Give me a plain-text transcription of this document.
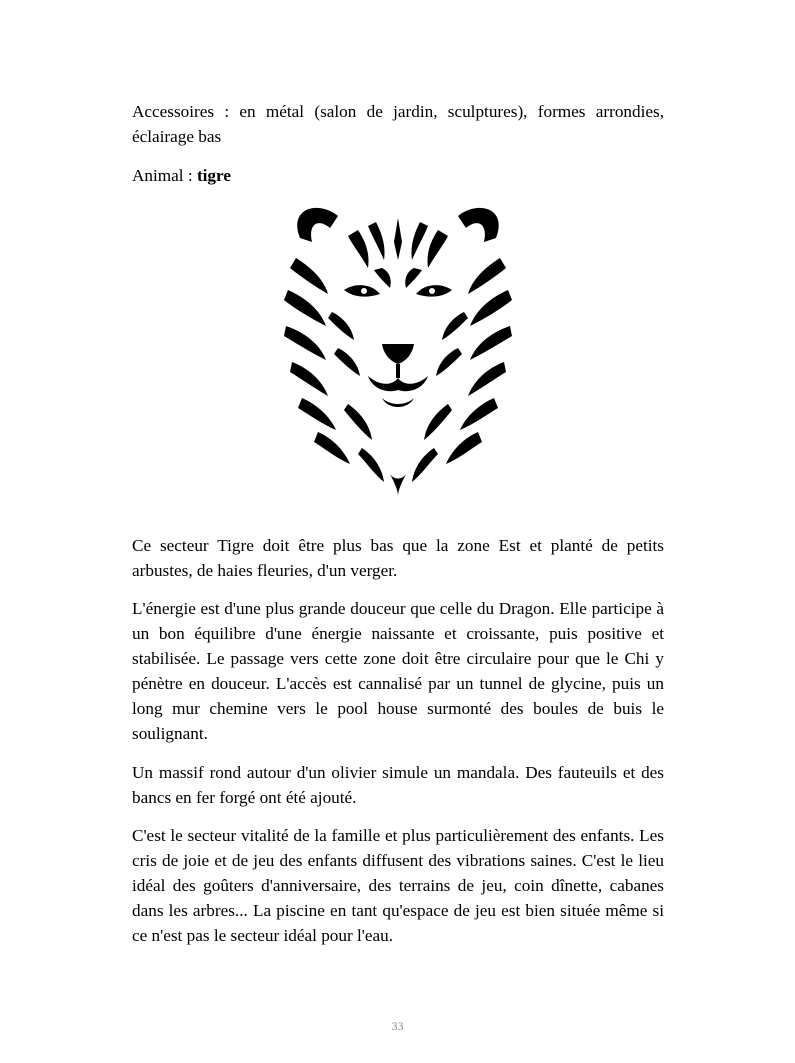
Accessoires : en métal (salon de jardin, sculptures), formes arrondies, éclairage bas

Animal : tigre

Ce secteur Tigre doit être plus bas que la zone Est et planté de petits arbustes, de haies fleuries, d'un verger.

L'énergie est d'une plus grande douceur que celle du Dragon. Elle participe à un bon équilibre d'une énergie naissante et croissante, puis positive et stabilisée. Le passage vers cette zone doit être circulaire pour que le Chi y pénètre en douceur. L'accès est cannalisé par un tunnel de glycine, puis un long mur chemine vers le pool house surmonté des boules de buis le soulignant.

Un massif rond autour d'un olivier simule un mandala. Des fauteuils et des bancs en fer forgé ont été ajouté.

C'est le secteur vitalité de la famille et plus particulièrement des enfants. Les cris de joie et de jeu des enfants diffusent des vibrations saines. C'est le lieu idéal des goûters d'anniversaire, des terrains de jeu, coin dînette, cabanes dans les arbres... La piscine en tant qu'espace de jeu est bien située même si ce n'est pas le secteur idéal pour l'eau.

33
